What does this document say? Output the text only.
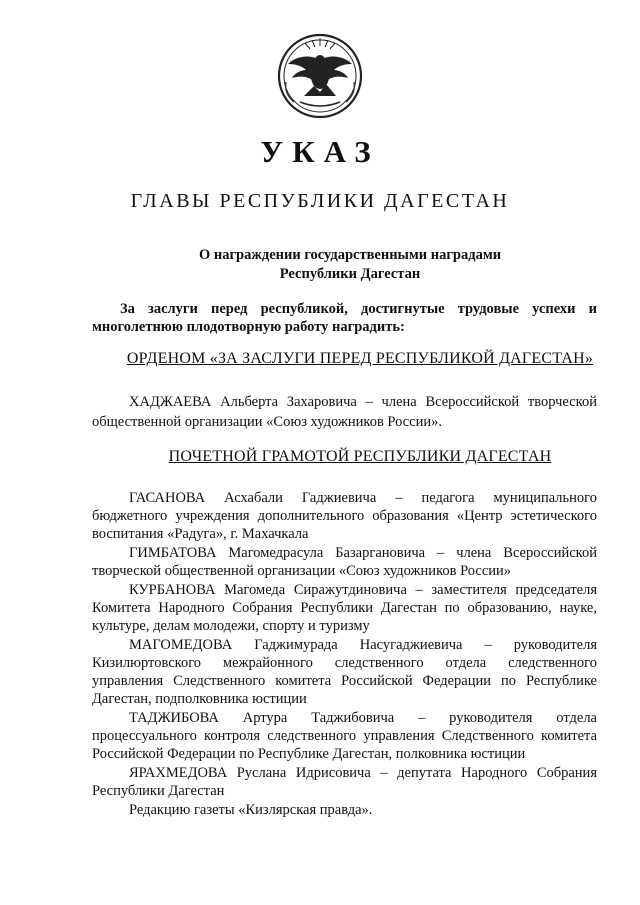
УКАЗ
ГЛАВЫ РЕСПУБЛИКИ ДАГЕСТАН
О награждении государственными наградами
Республики Дагестан
За заслуги перед республикой, достигнутые трудовые успехи и многолетнюю плодотворную работу наградить:
ОРДЕНОМ «ЗА ЗАСЛУГИ ПЕРЕД РЕСПУБЛИКОЙ ДАГЕСТАН»
ХАДЖАЕВА Альберта Захаровича – члена Всероссийской творческой общественной организации «Союз художников России».
ПОЧЕТНОЙ ГРАМОТОЙ РЕСПУБЛИКИ ДАГЕСТАН
ГАСАНОВА Асхабали Гаджиевича – педагога муниципального бюджетного учреждения дополнительного образования «Центр эстетического воспитания «Радуга», г. Махачкала
ГИМБАТОВА Магомедрасула Базаргановича – члена Всероссийской творческой общественной организации «Союз художников России»
КУРБАНОВА Магомеда Сиражутдиновича – заместителя председателя Комитета Народного Собрания Республики Дагестан по образованию, науке, культуре, делам молодежи, спорту и туризму
МАГОМЕДОВА Гаджимурада Насугаджиевича – руководителя Кизилюртовского межрайонного следственного отдела следственного управления Следственного комитета Российской Федерации по Республике Дагестан, подполковника юстиции
ТАДЖИБОВА Артура Таджибовича – руководителя отдела процессуального контроля следственного управления Следственного комитета Российской Федерации по Республике Дагестан, полковника юстиции
ЯРАХМЕДОВА Руслана Идрисовича – депутата Народного Собрания Республики Дагестан
Редакцию газеты «Кизлярская правда».
